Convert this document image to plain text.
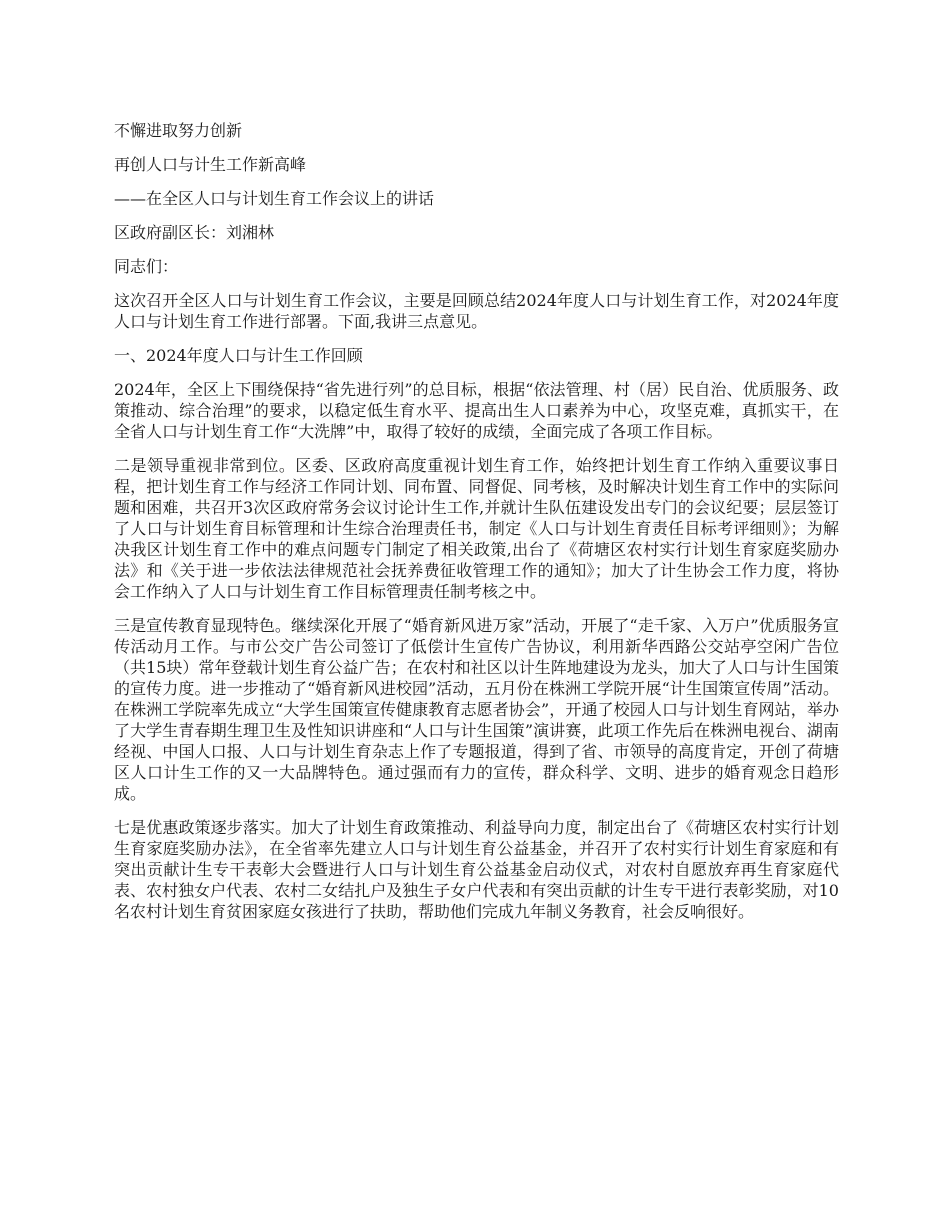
不懈进取努力创新

再创人口与计生工作新高峰

——在全区人口与计划生育工作会议上的讲话

区政府副区长：刘湘林

同志们：

这次召开全区人口与计划生育工作会议，主要是回顾总结2024年度人口与计划生育工作，对2024年度人口与计划生育工作进行部署。下面,我讲三点意见。

一、2024年度人口与计生工作回顾

2024年，全区上下围绕保持“省先进行列”的总目标，根据“依法管理、村（居）民自治、优质服务、政策推动、综合治理”的要求，以稳定低生育水平、提高出生人口素养为中心，攻坚克难，真抓实干，在全省人口与计划生育工作“大洗牌”中，取得了较好的成绩，全面完成了各项工作目标。

二是领导重视非常到位。区委、区政府高度重视计划生育工作，始终把计划生育工作纳入重要议事日程，把计划生育工作与经济工作同计划、同布置、同督促、同考核，及时解决计划生育工作中的实际问题和困难，共召开3次区政府常务会议讨论计生工作,并就计生队伍建设发出专门的会议纪要；层层签订了人口与计划生育目标管理和计生综合治理责任书，制定《人口与计划生育责任目标考评细则》；为解决我区计划生育工作中的难点问题专门制定了相关政策,出台了《荷塘区农村实行计划生育家庭奖励办法》和《关于进一步依法法律规范社会抚养费征收管理工作的通知》；加大了计生协会工作力度，将协会工作纳入了人口与计划生育工作目标管理责任制考核之中。

三是宣传教育显现特色。继续深化开展了“婚育新风进万家”活动，开展了“走千家、入万户”优质服务宣传活动月工作。与市公交广告公司签订了低偿计生宣传广告协议，利用新华西路公交站亭空闲广告位（共15块）常年登载计划生育公益广告；在农村和社区以计生阵地建设为龙头，加大了人口与计生国策的宣传力度。进一步推动了“婚育新风进校园”活动，五月份在株洲工学院开展“计生国策宣传周”活动。在株洲工学院率先成立“大学生国策宣传健康教育志愿者协会”，开通了校园人口与计划生育网站，举办了大学生青春期生理卫生及性知识讲座和“人口与计生国策”演讲赛，此项工作先后在株洲电视台、湖南经视、中国人口报、人口与计划生育杂志上作了专题报道，得到了省、市领导的高度肯定，开创了荷塘区人口计生工作的又一大品牌特色。通过强而有力的宣传，群众科学、文明、进步的婚育观念日趋形成。

七是优惠政策逐步落实。加大了计划生育政策推动、利益导向力度，制定出台了《荷塘区农村实行计划生育家庭奖励办法》，在全省率先建立人口与计划生育公益基金，并召开了农村实行计划生育家庭和有突出贡献计生专干表彰大会暨进行人口与计划生育公益基金启动仪式，对农村自愿放弃再生育家庭代表、农村独女户代表、农村二女结扎户及独生子女户代表和有突出贡献的计生专干进行表彰奖励，对10名农村计划生育贫困家庭女孩进行了扶助，帮助他们完成九年制义务教育，社会反响很好。
